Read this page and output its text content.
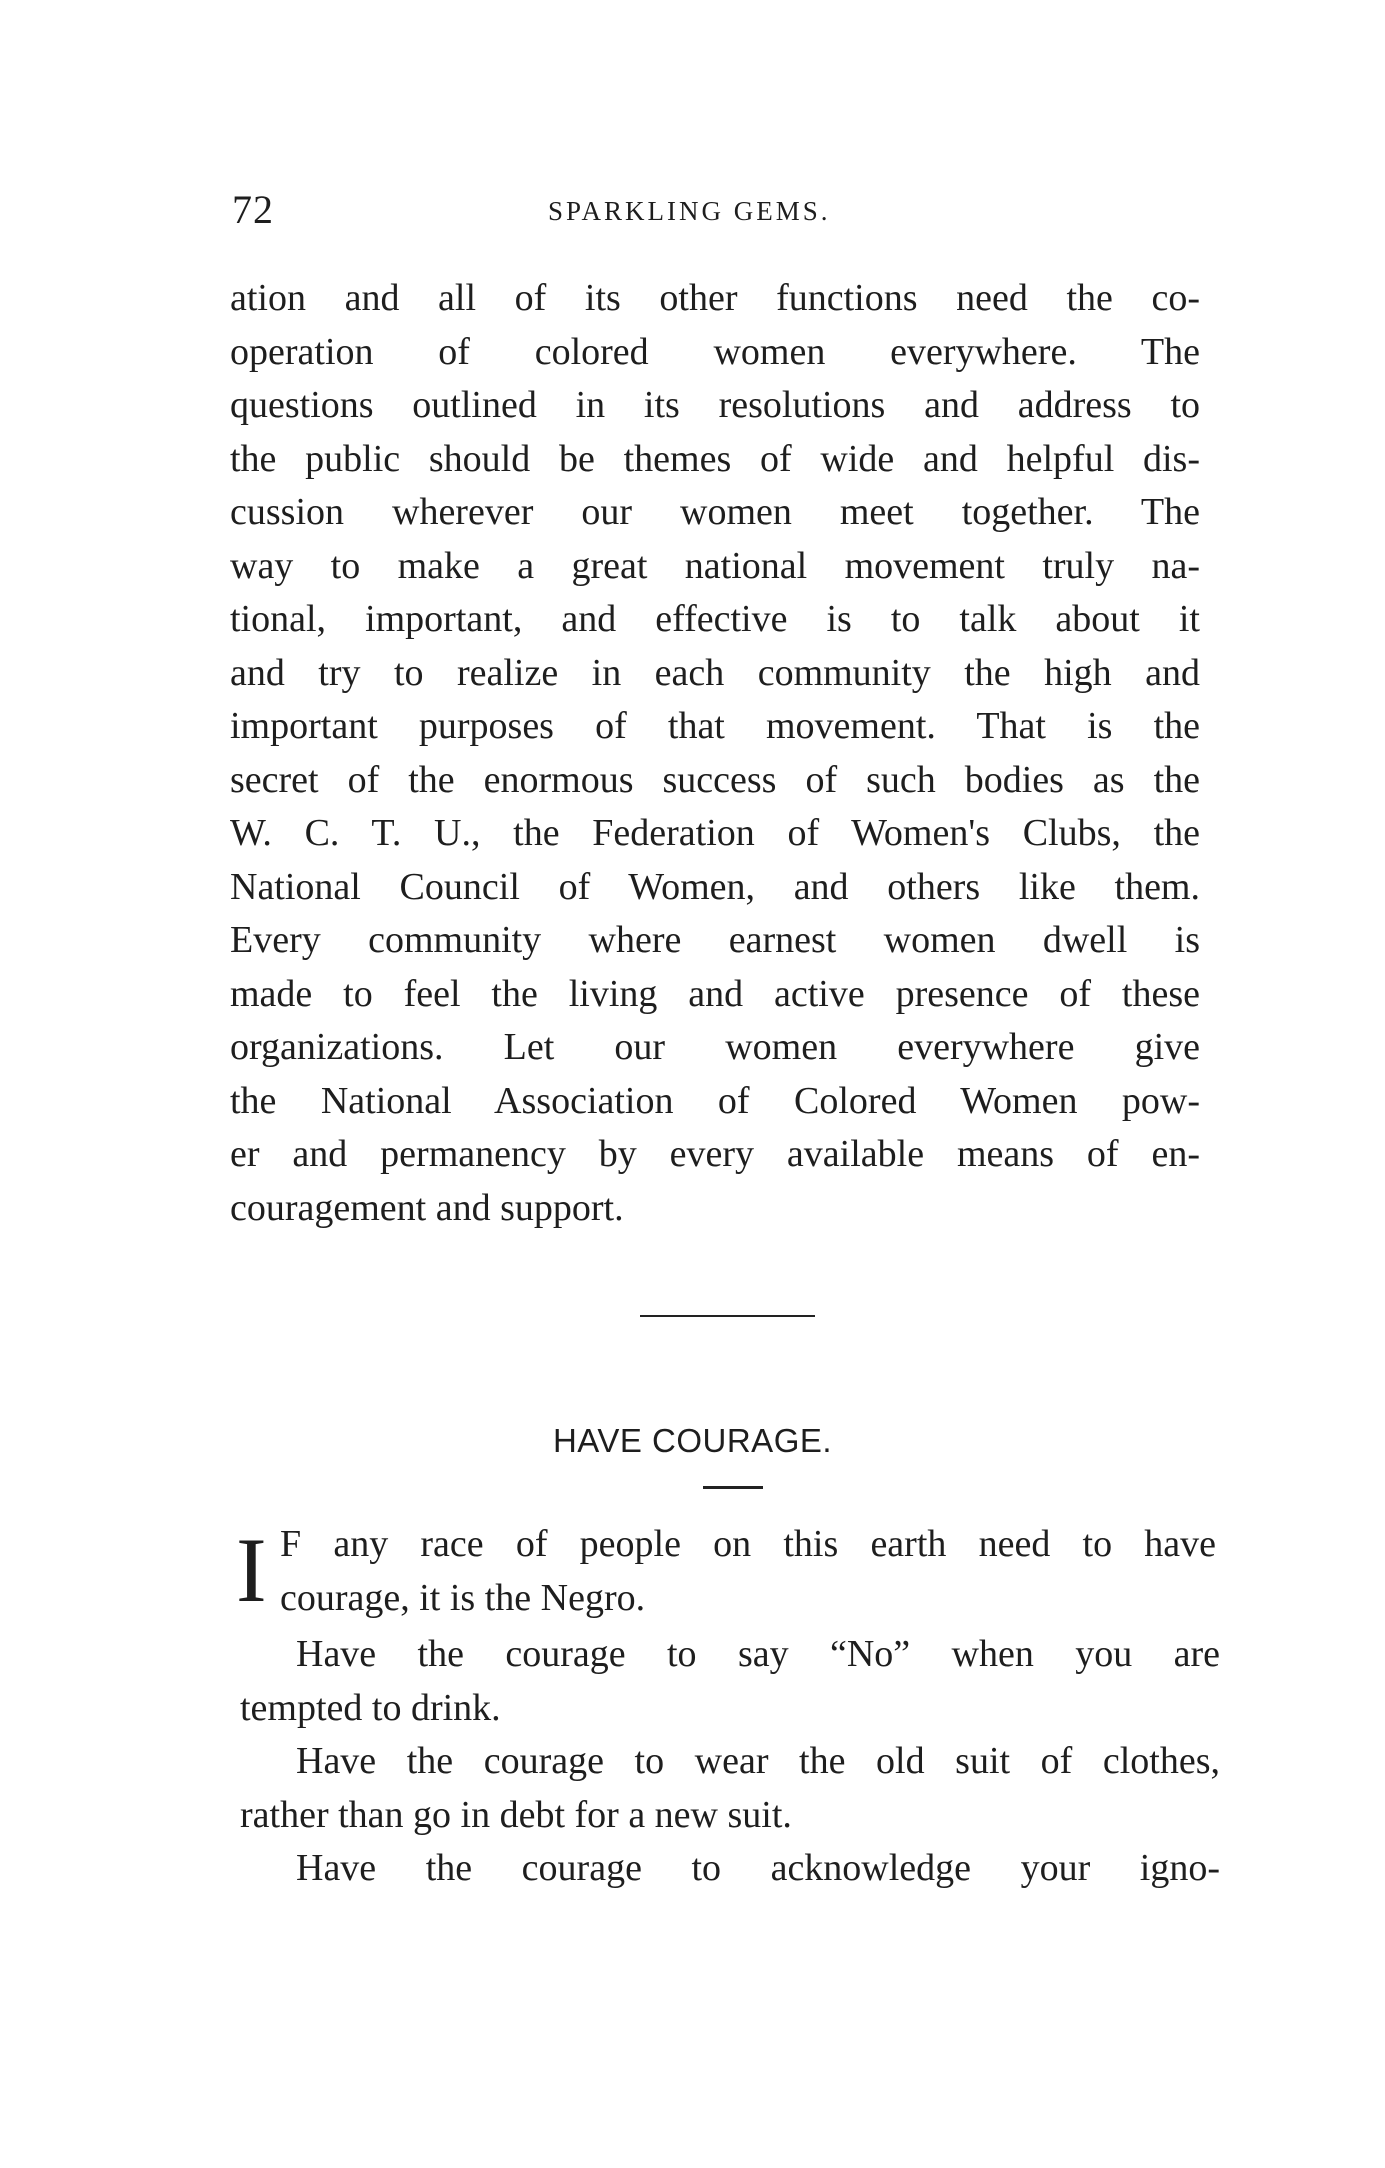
72	SPARKLING GEMS.
ation and all of its other functions need the co-
operation of colored women everywhere. The
questions outlined in its resolutions and address to
the public should be themes of wide and helpful dis-
cussion wherever our women meet together. The
way to make a great national movement truly na-
tional, important, and effective is to talk about it
and try to realize in each community the high and
important purposes of that movement. That is the
secret of the enormous success of such bodies as the
W. C. T. U., the Federation of Women's Clubs, the
National Council of Women, and others like them.
Every community where earnest women dwell is
made to feel the living and active presence of these
organizations. Let our women everywhere give
the National Association of Colored Women pow-
er and permanency by every available means of en-
couragement and support.
HAVE COURAGE.
I F any race of people on this earth need to have
courage, it is the Negro.
Have the courage to say “No” when you are
tempted to drink.
Have the courage to wear the old suit of clothes,
rather than go in debt for a new suit.
Have the courage to acknowledge your igno-
